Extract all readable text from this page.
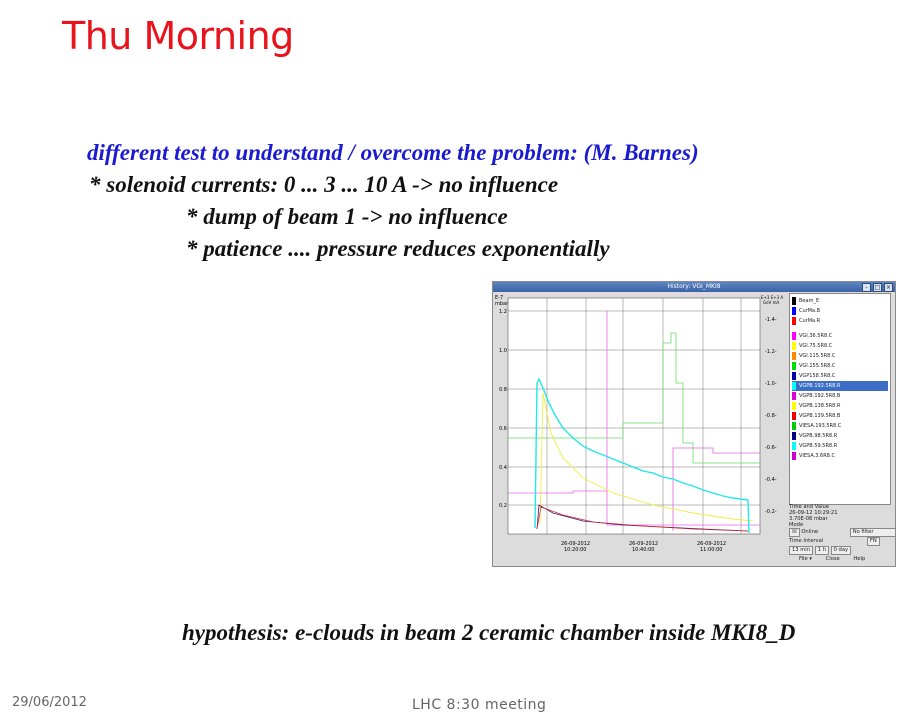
Thu Morning
different test to understand / overcome the problem: (M. Barnes)
* solenoid currents: 0 ... 3 ... 10 A -> no influence
* dump of beam 1 -> no influence
* patience .... pressure reduces exponentially
History: VGI_MKI8	-	□ ×
E-7
mbar
1.2
1.0
0.8
0.6
0.4
0.2
26-09-2012
10:20:00
26-09-2012
10:40:00
26-09-2012
11:00:00
E+3 E+3 A
GeV mA
-1.4-
-1.2-
-1.0-
-0.8-
-0.6-
-0.4-
-0.2-
Beam_E
CurMa.B
CurMa.R
VGI.36.5R8.C
VGI.75.5R8.C
VGI.115.5R8.C
VGI.155.5R8.C
VGP158.5R8.C
VGPB.192.5R8.R
VGPB.192.5R8.B
VGPB.138.5R8.R
VGPB.139.5R8.B
VIESA.193.5R8.C
VGPB.98.5R8.R
VGPB.59.5R8.R
VIESA.3.6R8.C
Time and Value
26-09-12 10:29:21
3.70E-08 mbar
Mode
☒ Online	No filter
Time Interval	FN
13 min 1 h 0 day
File ▾	Close	Help
hypothesis: e-clouds in beam 2 ceramic chamber inside MKI8_D
29/06/2012	LHC 8:30 meeting
